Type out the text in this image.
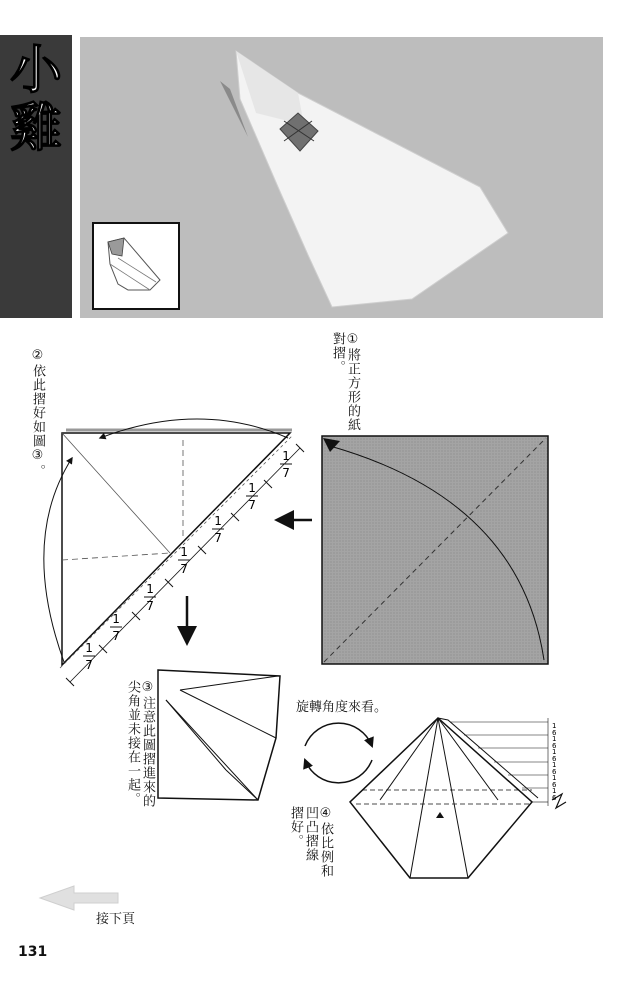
小
雞
1
7
1
7
1
7
1
7
1
7
1
7
1
7
1
6
1
6
1
6
1
6
1
6
1
6
①將正方形的紙
對摺。
②依此摺好如圖③。
③注意此圖摺進來的
尖角並未接在一起。
④依比例和
凹凸摺線
摺好。
旋轉角度來看。
接下頁
131
